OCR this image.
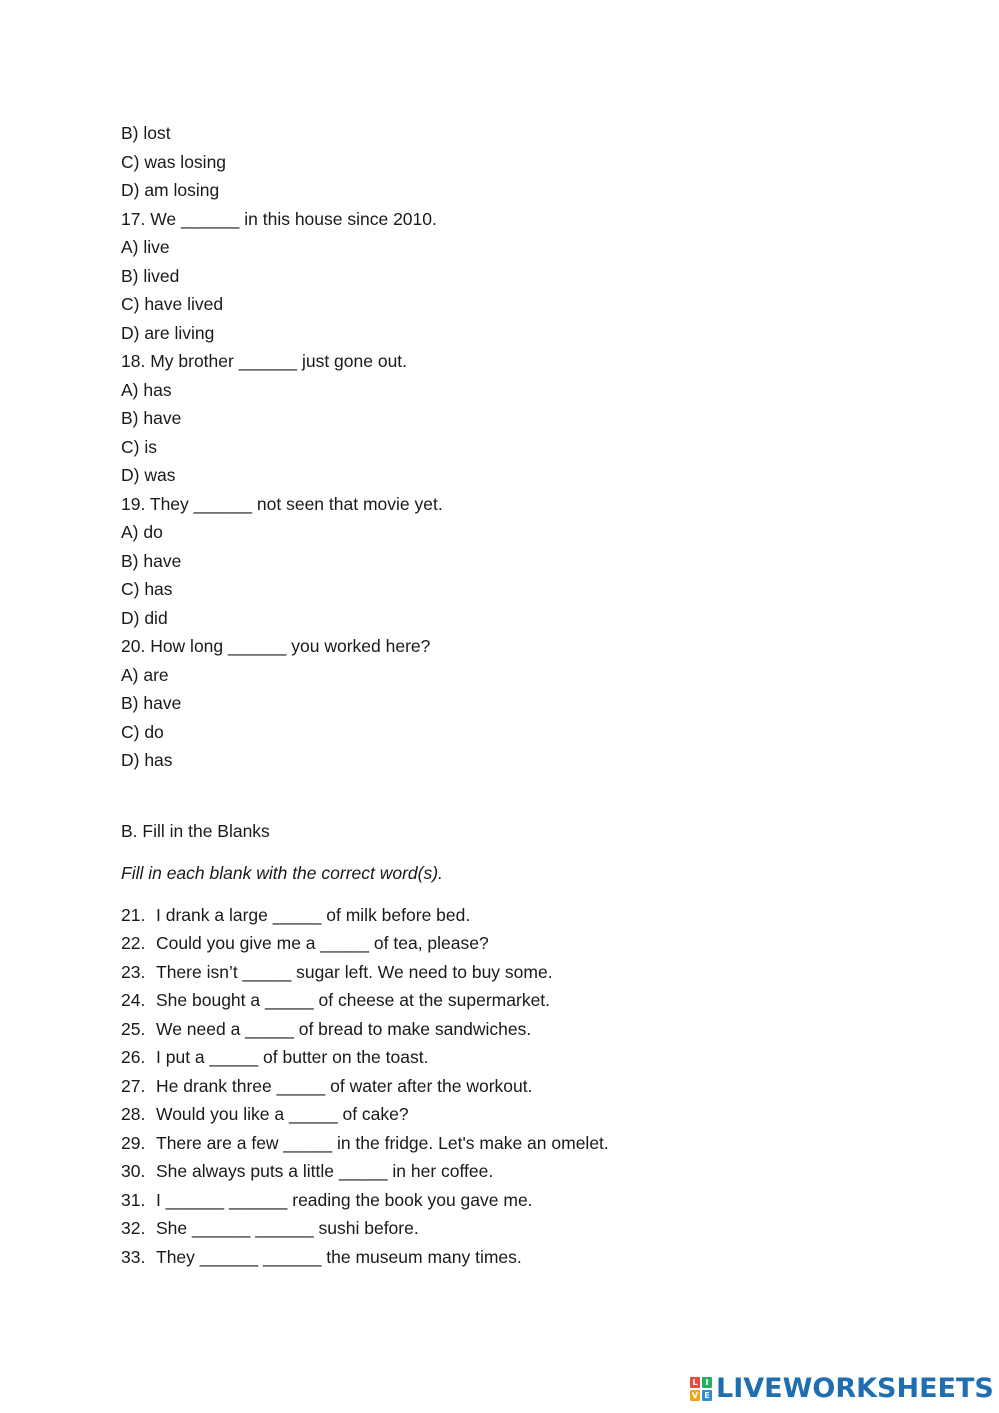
B) lost
C) was losing
D) am losing
17. We ______ in this house since 2010.
A) live
B) lived
C) have lived
D) are living
18. My brother ______ just gone out.
A) has
B) have
C) is
D) was
19. They ______ not seen that movie yet.
A) do
B) have
C) has
D) did
20. How long ______ you worked here?
A) are
B) have
C) do
D) has
B. Fill in the Blanks
Fill in each blank with the correct word(s).
21. I drank a large _____ of milk before bed.
22. Could you give me a _____ of tea, please?
23. There isn’t _____ sugar left. We need to buy some.
24. She bought a _____ of cheese at the supermarket.
25. We need a _____ of bread to make sandwiches.
26. I put a _____ of butter on the toast.
27. He drank three _____ of water after the workout.
28. Would you like a _____ of cake?
29. There are a few _____ in the fridge. Let's make an omelet.
30. She always puts a little _____ in her coffee.
31. I ______ ______ reading the book you gave me.
32. She ______ ______ sushi before.
33. They ______ ______ the museum many times.
L I
V E LIVEWORKSHEETS
